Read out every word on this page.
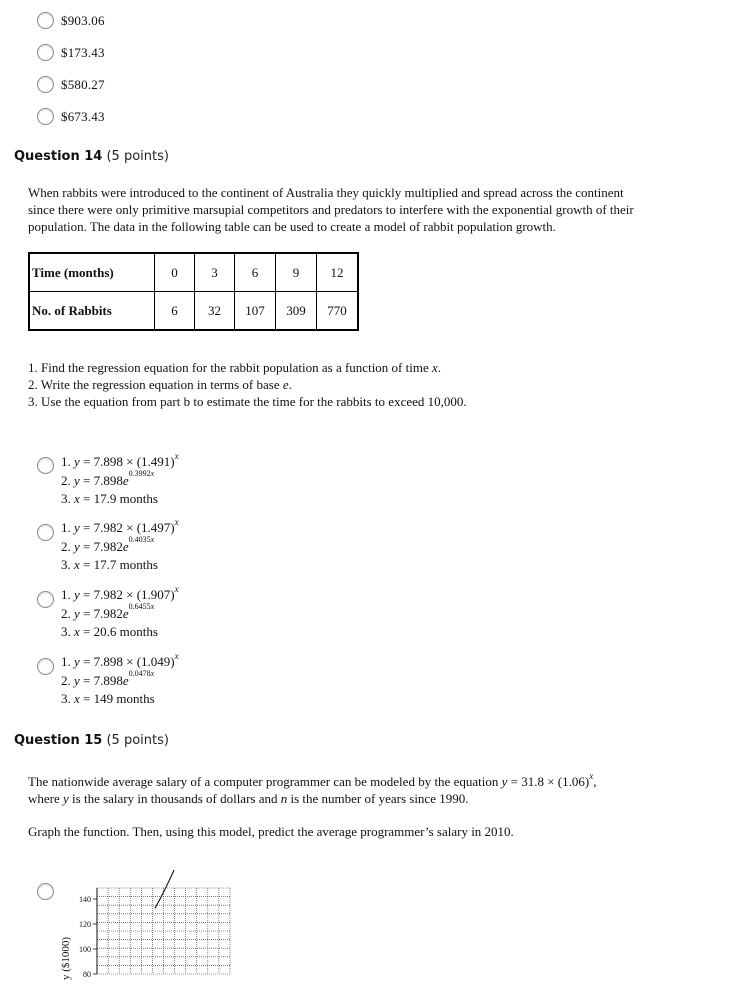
$903.06
$173.43
$580.27
$673.43
Question 14 (5 points)
When rabbits were introduced to the continent of Australia they quickly multiplied and spread across the continent
since there were only primitive marsupial competitors and predators to interfere with the exponential growth of their
population. The data in the following table can be used to create a model of rabbit population growth.
Time (months)	0	3	6	9	12
No. of Rabbits	6	32	107	309	770
1. Find the regression equation for the rabbit population as a function of time x.
2. Write the regression equation in terms of base e.
3. Use the equation from part b to estimate the time for the rabbits to exceed 10,000.
1. $y = 7.898 \times (1.491)^x$
2. $y = 7.898e^{0.3992x}$
3. x = 17.9 months
1. $y = 7.982 \times (1.497)^x$
2. $y = 7.982e^{0.4035x}$
3. x = 17.7 months
1. $y = 7.982 \times (1.907)^x$
2. $y = 7.982e^{0.6455x}$
3. x = 20.6 months
1. $y = 7.898 \times (1.049)^x$
2. $y = 7.898e^{0.0478x}$
3. x = 149 months
Question 15 (5 points)
The nationwide average salary of a computer programmer can be modeled by the equation $y = 31.8 \times (1.06)^x$,
where y is the salary in thousands of dollars and n is the number of years since 1990.
Graph the function. Then, using this model, predict the average programmer’s salary in 2010.
140
120
100
80
y ($1000)
